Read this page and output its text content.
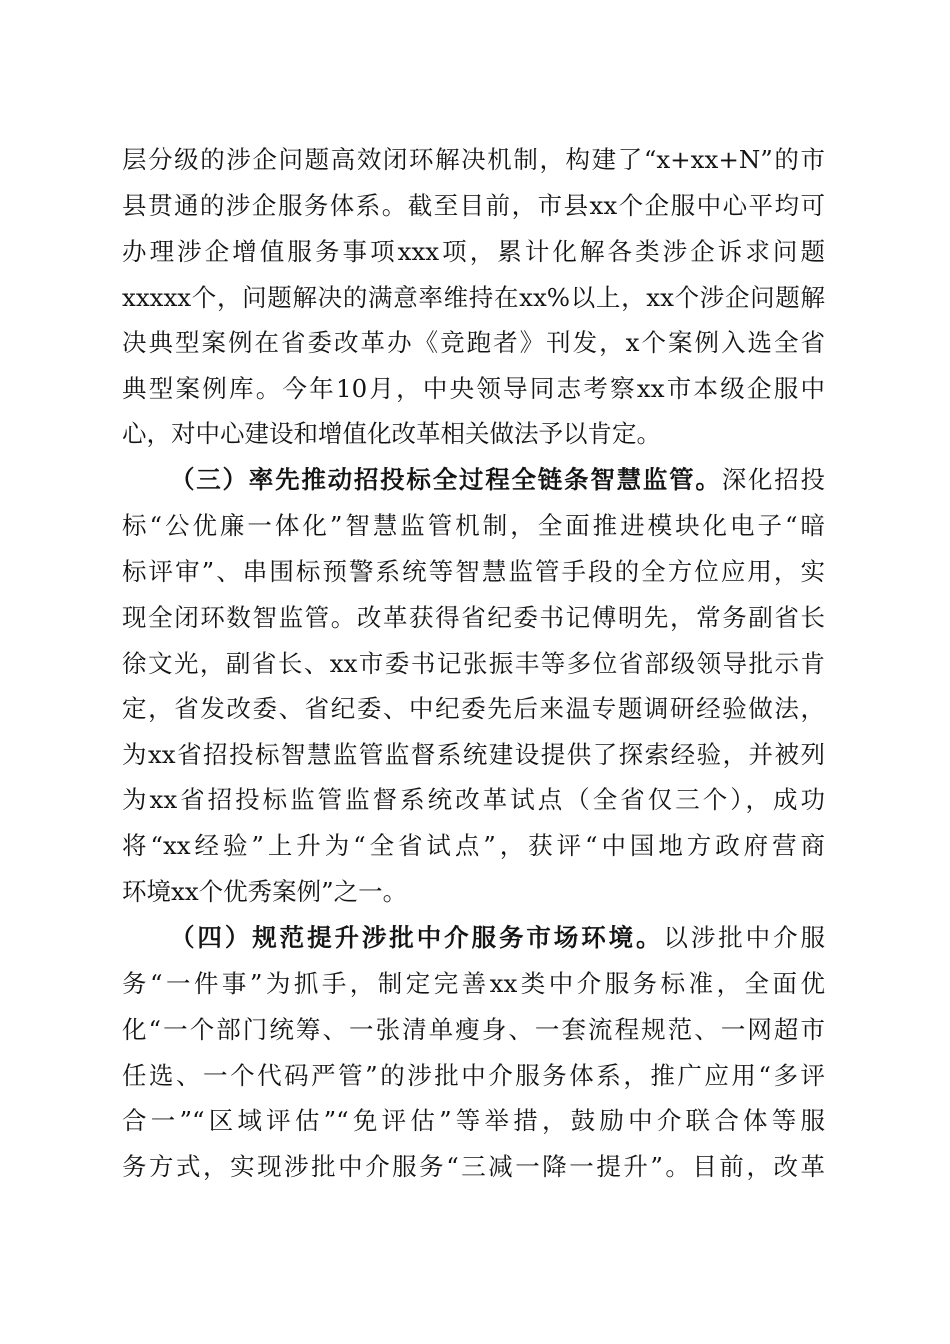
层分级的涉企问题高效闭环解决机制，构建了“x+xx+N”的市
县贯通的涉企服务体系。截至目前，市县xx个企服中心平均可
办理涉企增值服务事项xxx项，累计化解各类涉企诉求问题
xxxxx个，问题解决的满意率维持在xx%以上，xx个涉企问题解
决典型案例在省委改革办《竞跑者》刊发，x个案例入选全省
典型案例库。今年10月，中央领导同志考察xx市本级企服中
心，对中心建设和增值化改革相关做法予以肯定。
（三）率先推动招投标全过程全链条智慧监管。深化招投
标“公优廉一体化”智慧监管机制，全面推进模块化电子“暗
标评审”、串围标预警系统等智慧监管手段的全方位应用，实
现全闭环数智监管。改革获得省纪委书记傅明先，常务副省长
徐文光，副省长、xx市委书记张振丰等多位省部级领导批示肯
定，省发改委、省纪委、中纪委先后来温专题调研经验做法，
为xx省招投标智慧监管监督系统建设提供了探索经验，并被列
为xx省招投标监管监督系统改革试点（全省仅三个），成功
将“xx经验”上升为“全省试点”，获评“中国地方政府营商
环境xx个优秀案例”之一。
（四）规范提升涉批中介服务市场环境。以涉批中介服
务“一件事”为抓手，制定完善xx类中介服务标准，全面优
化“一个部门统筹、一张清单瘦身、一套流程规范、一网超市
任选、一个代码严管”的涉批中介服务体系，推广应用“多评
合一”“区域评估”“免评估”等举措，鼓励中介联合体等服
务方式，实现涉批中介服务“三减一降一提升”。目前，改革
